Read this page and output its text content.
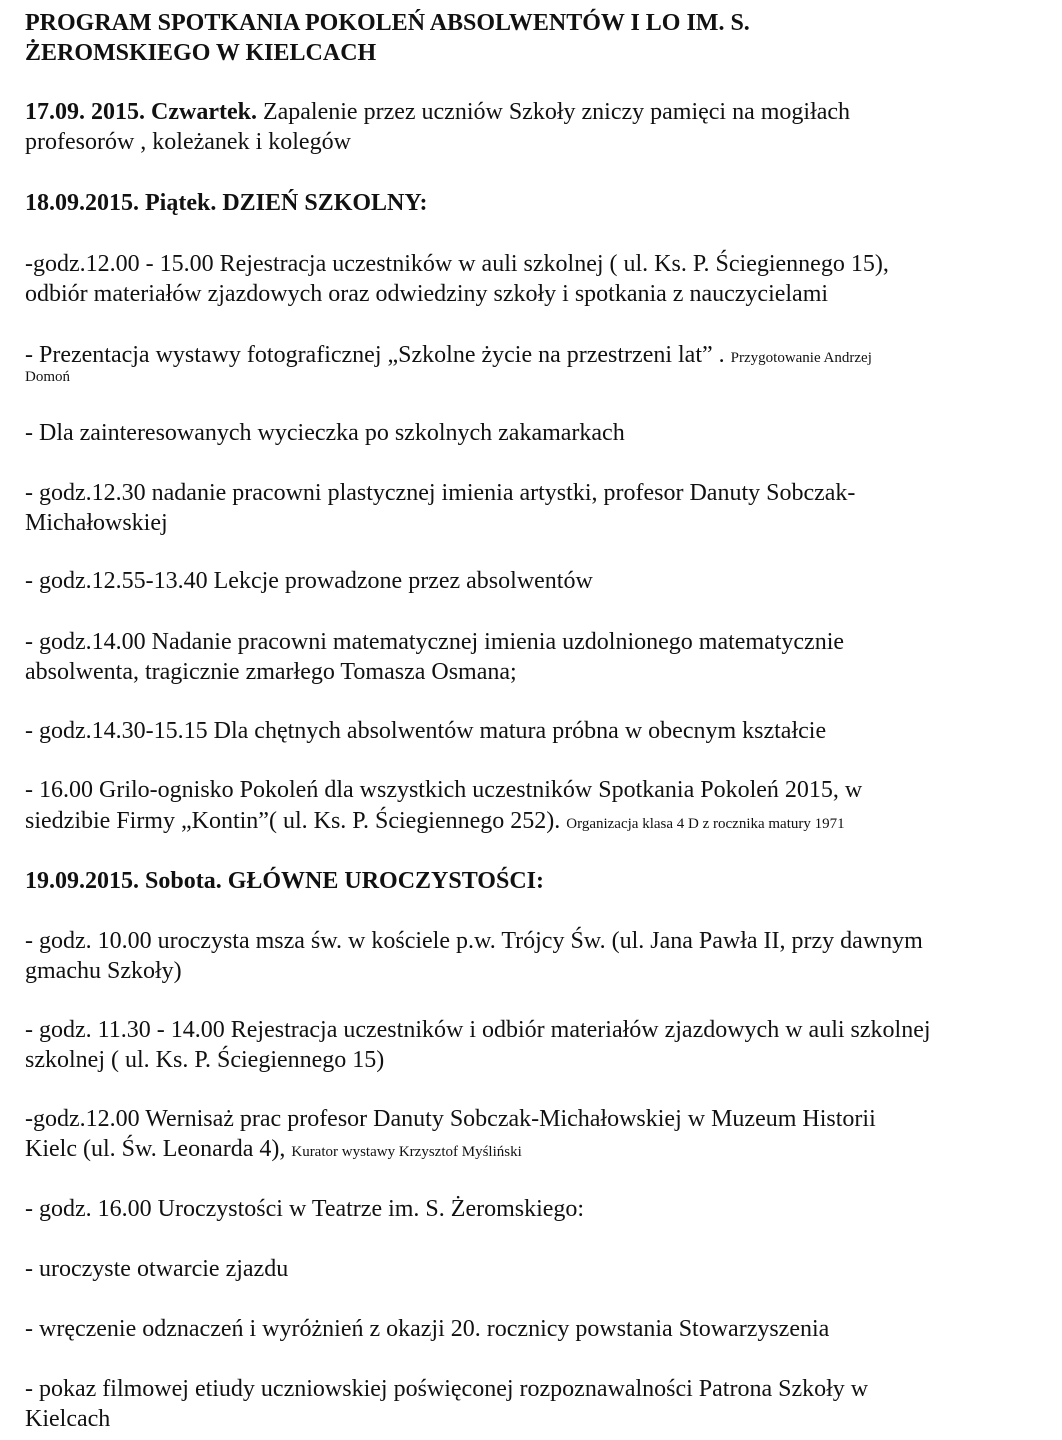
PROGRAM SPOTKANIA POKOLEŃ ABSOLWENTÓW I LO IM. S.
ŻEROMSKIEGO W KIELCACH
17.09. 2015. Czwartek. Zapalenie przez uczniów Szkoły zniczy pamięci na mogiłach
profesorów , koleżanek i kolegów
18.09.2015. Piątek. DZIEŃ SZKOLNY:
-godz.12.00 - 15.00 Rejestracja uczestników w auli szkolnej ( ul. Ks. P. Ściegiennego 15),
odbiór materiałów zjazdowych oraz odwiedziny szkoły i spotkania z nauczycielami
- Prezentacja wystawy fotograficznej „Szkolne życie na przestrzeni lat” . Przygotowanie Andrzej
Domoń
- Dla zainteresowanych wycieczka po szkolnych zakamarkach
- godz.12.30 nadanie pracowni plastycznej imienia artystki, profesor Danuty Sobczak-
Michałowskiej
- godz.12.55-13.40 Lekcje prowadzone przez absolwentów
- godz.14.00 Nadanie pracowni matematycznej imienia uzdolnionego matematycznie
absolwenta, tragicznie zmarłego Tomasza Osmana;
- godz.14.30-15.15 Dla chętnych absolwentów matura próbna w obecnym kształcie
- 16.00 Grilo-ognisko Pokoleń dla wszystkich uczestników Spotkania Pokoleń 2015, w
siedzibie Firmy „Kontin”( ul. Ks. P. Ściegiennego 252). Organizacja klasa 4 D z rocznika matury 1971
19.09.2015. Sobota. GŁÓWNE UROCZYSTOŚCI:
- godz. 10.00 uroczysta msza św. w kościele p.w. Trójcy Św. (ul. Jana Pawła II, przy dawnym
gmachu Szkoły)
- godz. 11.30 - 14.00 Rejestracja uczestników i odbiór materiałów zjazdowych w auli szkolnej
szkolnej ( ul. Ks. P. Ściegiennego 15)
-godz.12.00 Wernisaż prac profesor Danuty Sobczak-Michałowskiej w Muzeum Historii
Kielc (ul. Św. Leonarda 4), Kurator wystawy Krzysztof Myśliński
- godz. 16.00 Uroczystości w Teatrze im. S. Żeromskiego:
- uroczyste otwarcie zjazdu
- wręczenie odznaczeń i wyróżnień z okazji 20. rocznicy powstania Stowarzyszenia
- pokaz filmowej etiudy uczniowskiej poświęconej rozpoznawalności Patrona Szkoły w
Kielcach
